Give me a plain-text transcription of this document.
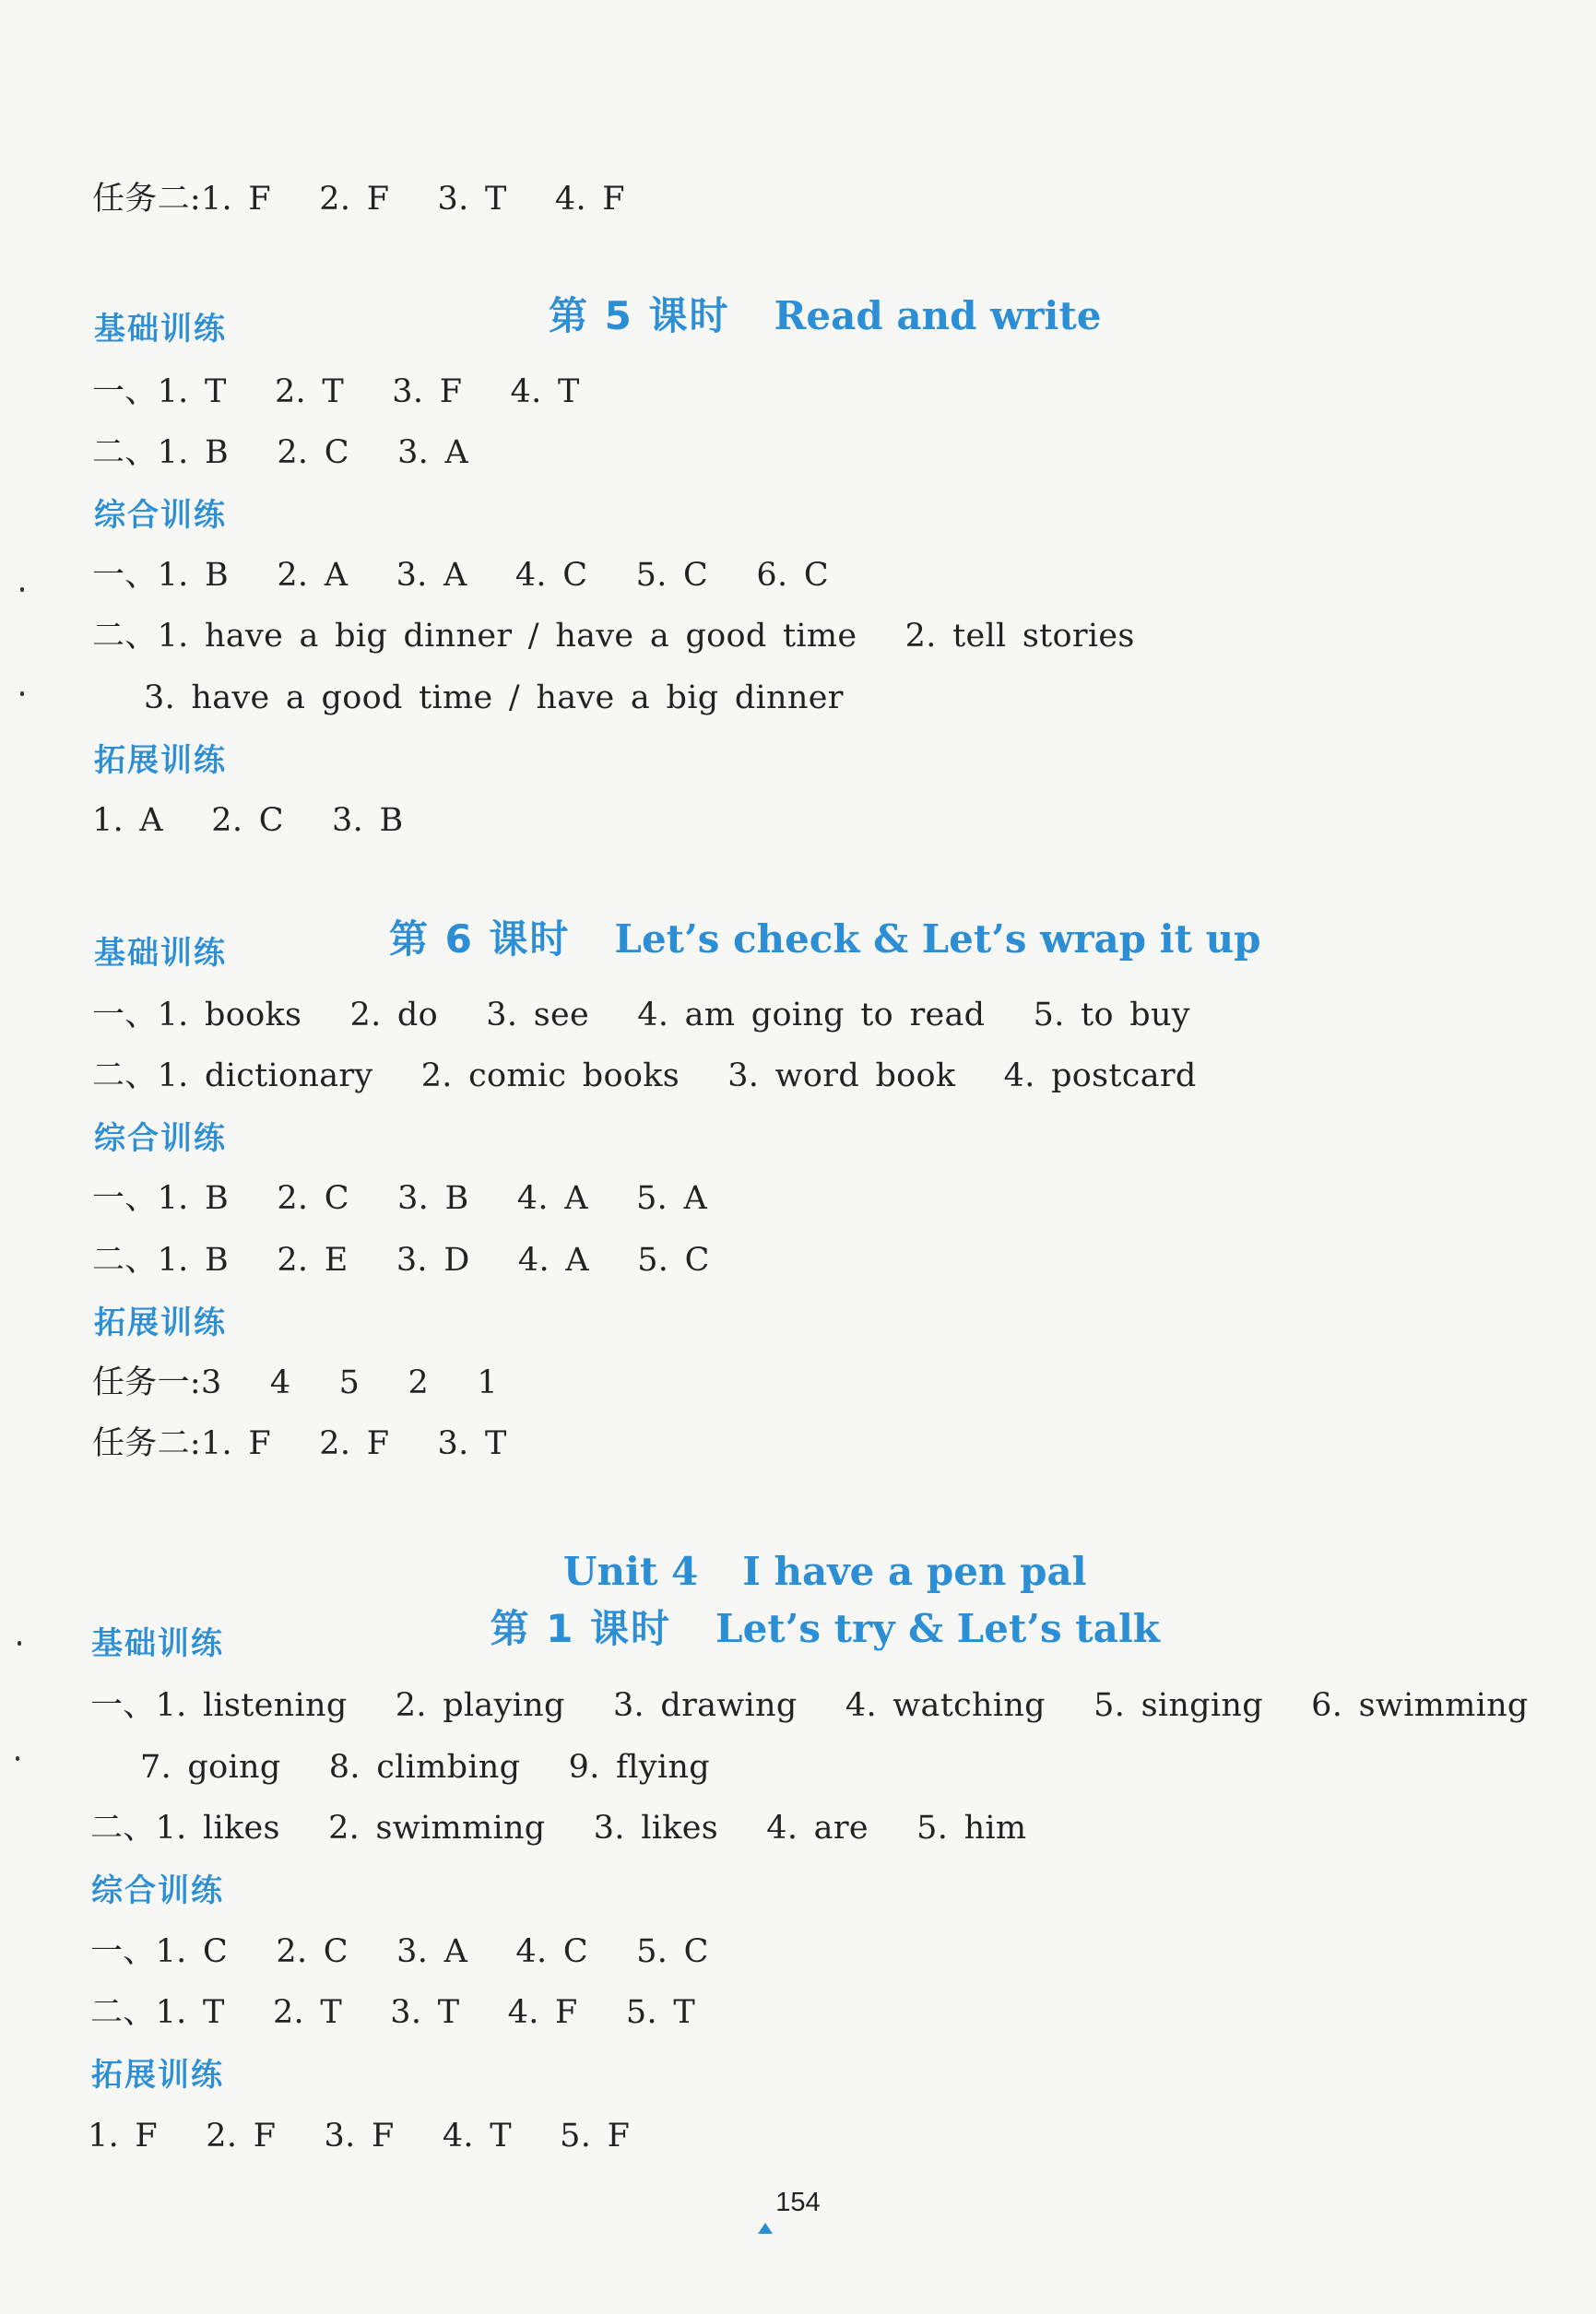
任务二:1. F   2. F   3. T   4. F

第 5 课时 Read and write

基础训练
一、1. T   2. T   3. F   4. T
二、1. B   2. C   3. A
综合训练
一、1. B   2. A   3. A   4. C   5. C   6. C
二、1. have a big dinner / have a good time   2. tell stories
3. have a good time / have a big dinner
拓展训练
1. A   2. C   3. B

第 6 课时 Let’s check & Let’s wrap it up

基础训练
一、1. books   2. do   3. see   4. am going to read   5. to buy
二、1. dictionary   2. comic books   3. word book   4. postcard
综合训练
一、1. B   2. C   3. B   4. A   5. A
二、1. B   2. E   3. D   4. A   5. C
拓展训练
任务一:3   4   5   2   1
任务二:1. F   2. F   3. T

Unit 4 I have a pen pal

第 1 课时 Let’s try & Let’s talk

基础训练
一、1. listening   2. playing   3. drawing   4. watching   5. singing   6. swimming
7. going   8. climbing   9. flying
二、1. likes   2. swimming   3. likes   4. are   5. him
综合训练
一、1. C   2. C   3. A   4. C   5. C
二、1. T   2. T   3. T   4. F   5. T
拓展训练
1. F   2. F   3. F   4. T   5. F
154
